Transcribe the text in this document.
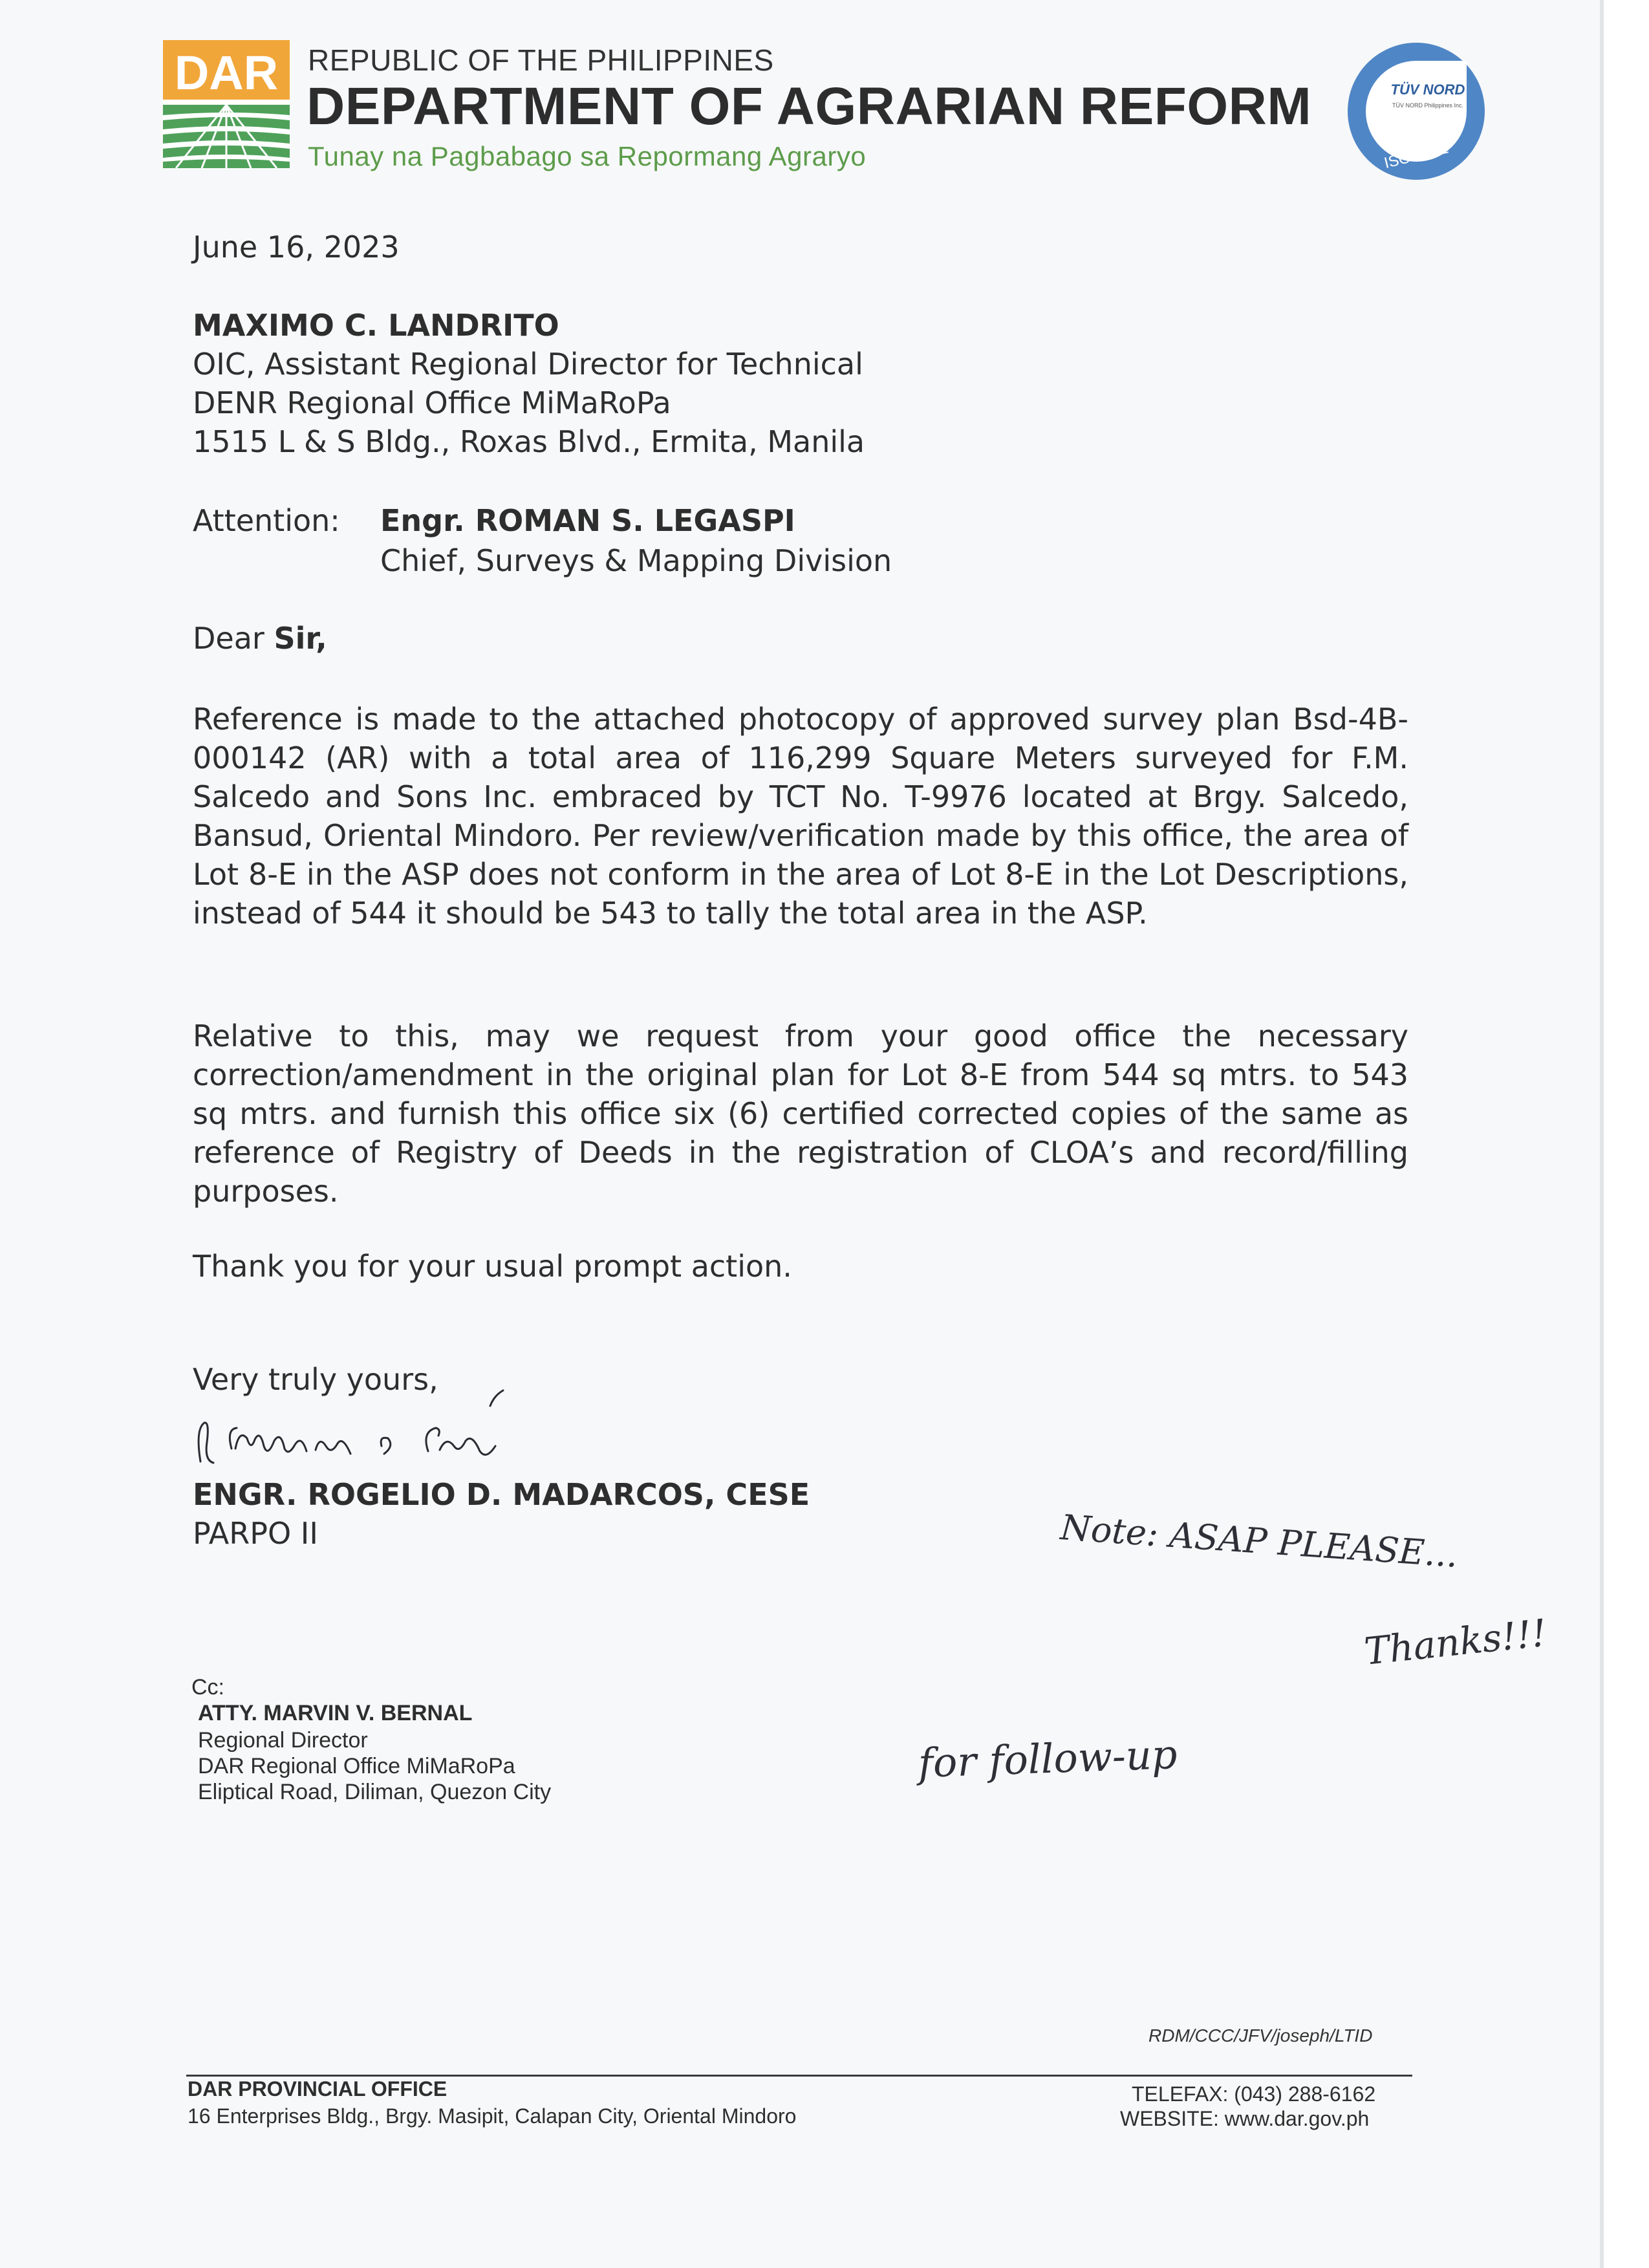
DAR REPUBLIC OF THE PHILIPPINES
DEPARTMENT OF AGRARIAN REFORM
Tunay na Pagbabago sa Repormang Agraryo
TÜV NORD
TÜV NORD Philippines Inc.
ISO 9001
June 16, 2023
MAXIMO C. LANDRITO
OIC, Assistant Regional Director for Technical
DENR Regional Office MiMaRoPa
1515 L & S Bldg., Roxas Blvd., Ermita, Manila
Attention: Engr. ROMAN S. LEGASPI
Chief, Surveys & Mapping Division
Dear Sir,
Reference is made to the attached photocopy of approved survey plan Bsd-4B-000142 (AR) with a total area of 116,299 Square Meters surveyed for F.M. Salcedo and Sons Inc. embraced by TCT No. T-9976 located at Brgy. Salcedo, Bansud, Oriental Mindoro. Per review/verification made by this office, the area of Lot 8-E in the ASP does not conform in the area of Lot 8-E in the Lot Descriptions, instead of 544 it should be 543 to tally the total area in the ASP.
Relative to this, may we request from your good office the necessary correction/amendment in the original plan for Lot 8-E from 544 sq mtrs. to 543 sq mtrs. and furnish this office six (6) certified corrected copies of the same as reference of Registry of Deeds in the registration of CLOA’s and record/filling purposes.
Thank you for your usual prompt action.
Very truly yours,
ENGR. ROGELIO D. MADARCOS, CESE
PARPO II	Note: ASAP PLEASE...
Thanks!!!
for follow-up
Cc:
ATTY. MARVIN V. BERNAL
Regional Director
DAR Regional Office MiMaRoPa
Eliptical Road, Diliman, Quezon City
RDM/CCC/JFV/joseph/LTID
DAR PROVINCIAL OFFICE
16 Enterprises Bldg., Brgy. Masipit, Calapan City, Oriental Mindoro
TELEFAX: (043) 288-6162
WEBSITE: www.dar.gov.ph
